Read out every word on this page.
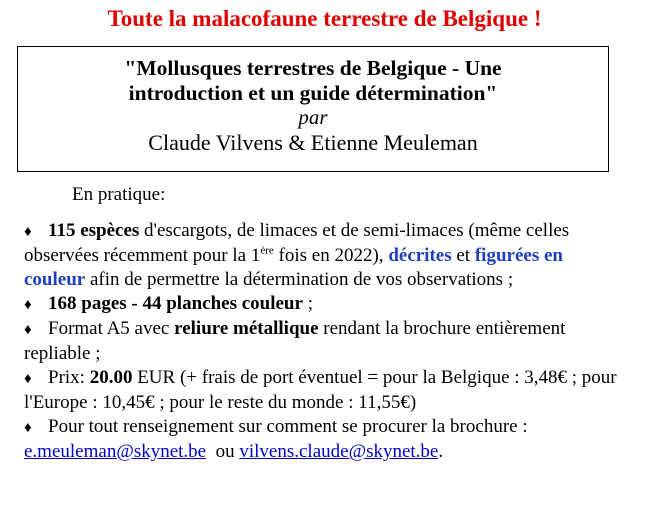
Toute la malacofaune terrestre de Belgique !
"Mollusques terrestres de Belgique - Une
introduction et un guide détermination"
par
Claude Vilvens & Etienne Meuleman
En pratique:

♦ 115 espèces d'escargots, de limaces et de semi-limaces (même celles observées récemment pour la 1ère fois en 2022), décrites et figurées en couleur afin de permettre la détermination de vos observations ;

♦ 168 pages - 44 planches couleur ;

♦ Format A5 avec reliure métallique rendant la brochure entièrement repliable ;

♦ Prix: 20.00 EUR (+ frais de port éventuel = pour la Belgique : 3,48€ ; pour l'Europe : 10,45€ ; pour le reste du monde : 11,55€)

♦ Pour tout renseignement sur comment se procurer la brochure :
e.meuleman@skynet.be  ou vilvens.claude@skynet.be.
